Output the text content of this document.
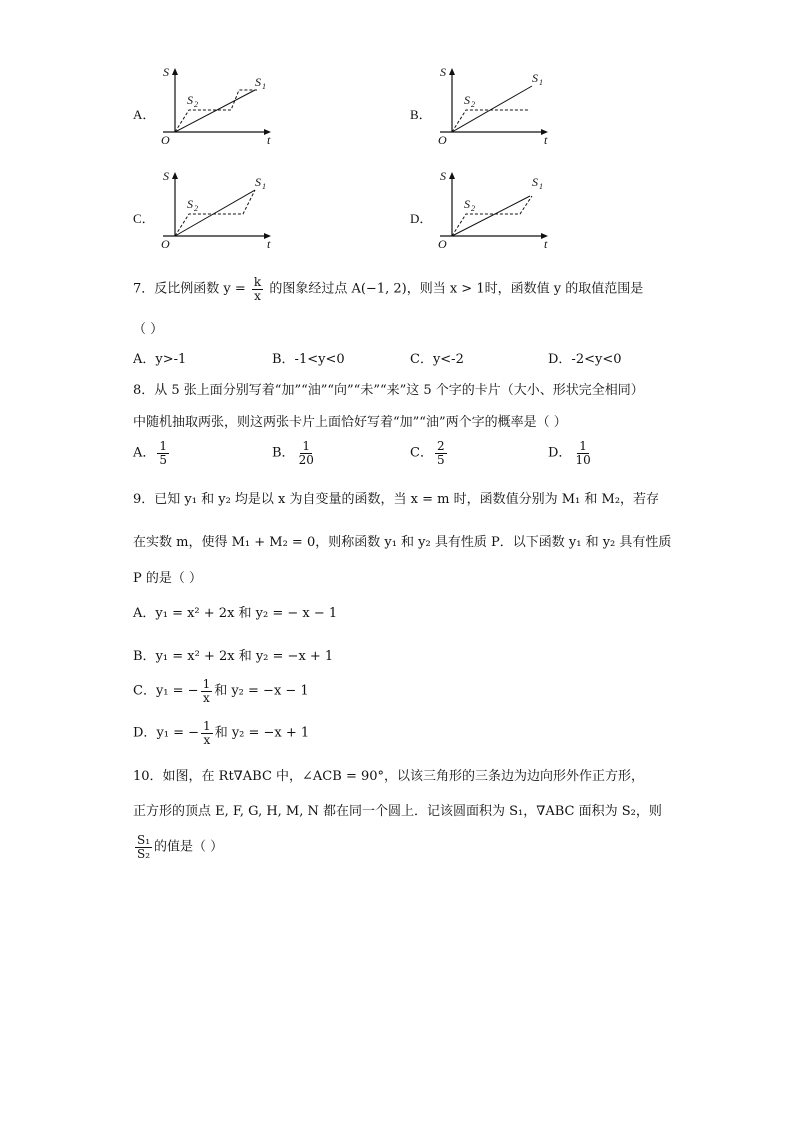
A．
S
O	t
S 1
S 2
B．
S
O	t
S 1
S 2
C．
S
O	t
S 1
S 2
D．
S
O	t
S 1
S 2
7．反比例函数 $y = \frac{k}{x}$ 的图象经过点 A(−1, 2)，则当 x > 1时，函数值 y 的取值范围是
（ ）
A．y>-1	B．-1<y<0	C．y<-2	D．-2<y<0
8．从 5 张上面分别写着“加”“油”“向”“未”“来”这 5 个字的卡片（大小、形状完全相同）
中随机抽取两张，则这两张卡片上面恰好写着“加”“油”两个字的概率是（ ）
A． $\frac{1}{5}$	B． $\frac{1}{20}$	C． $\frac{2}{5}$	D． $\frac{1}{10}$
9．已知 y₁ 和 y₂ 均是以 x 为自变量的函数，当 x = m 时，函数值分别为 M₁ 和 M₂，若存
在实数 m，使得 M₁ + M₂ = 0，则称函数 y₁ 和 y₂ 具有性质 P．以下函数 y₁ 和 y₂ 具有性质
P 的是（ ）
A．y₁ = x² + 2x 和 y₂ = − x − 1
B．y₁ = x² + 2x 和 y₂ = −x + 1
C．y₁ = − $\frac{1}{x}$ 和 y₂ = −x − 1
D．y₁ = − $\frac{1}{x}$ 和 y₂ = −x + 1
10．如图，在 Rt∇ABC 中，∠ACB = 90°，以该三角形的三条边为边向形外作正方形，
正方形的顶点 E, F, G, H, M, N 都在同一个圆上．记该圆面积为 S₁，∇ABC 面积为 S₂，则
$\frac{\text{S₁}}{\text{S₂}}$ 的值是（ ）
